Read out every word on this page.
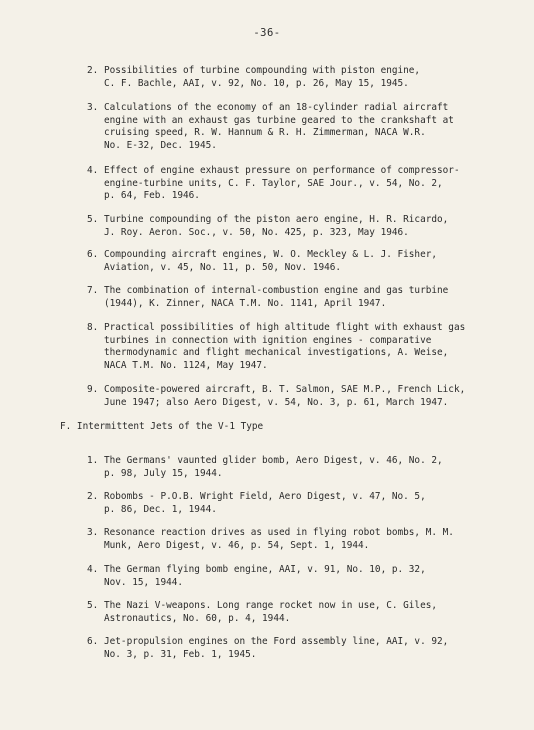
-36-
2. Possibilities of turbine compounding with piston engine,
C. F. Bachle, AAI, v. 92, No. 10, p. 26, May 15, 1945.
3. Calculations of the economy of an 18-cylinder radial aircraft
engine with an exhaust gas turbine geared to the crankshaft at
cruising speed, R. W. Hannum & R. H. Zimmerman, NACA W.R.
No. E-32, Dec. 1945.
4. Effect of engine exhaust pressure on performance of compressor-
engine-turbine units, C. F. Taylor, SAE Jour., v. 54, No. 2,
p. 64, Feb. 1946.
5. Turbine compounding of the piston aero engine, H. R. Ricardo,
J. Roy. Aeron. Soc., v. 50, No. 425, p. 323, May 1946.
6. Compounding aircraft engines, W. O. Meckley & L. J. Fisher,
Aviation, v. 45, No. 11, p. 50, Nov. 1946.
7. The combination of internal-combustion engine and gas turbine
(1944), K. Zinner, NACA T.M. No. 1141, April 1947.
8. Practical possibilities of high altitude flight with exhaust gas
turbines in connection with ignition engines - comparative
thermodynamic and flight mechanical investigations, A. Weise,
NACA T.M. No. 1124, May 1947.
9. Composite-powered aircraft, B. T. Salmon, SAE M.P., French Lick,
June 1947; also Aero Digest, v. 54, No. 3, p. 61, March 1947.
F. Intermittent Jets of the V-1 Type
1. The Germans' vaunted glider bomb, Aero Digest, v. 46, No. 2,
p. 98, July 15, 1944.
2. Robombs - P.O.B. Wright Field, Aero Digest, v. 47, No. 5,
p. 86, Dec. 1, 1944.
3. Resonance reaction drives as used in flying robot bombs, M. M.
Munk, Aero Digest, v. 46, p. 54, Sept. 1, 1944.
4. The German flying bomb engine, AAI, v. 91, No. 10, p. 32,
Nov. 15, 1944.
5. The Nazi V-weapons. Long range rocket now in use, C. Giles,
Astronautics, No. 60, p. 4, 1944.
6. Jet-propulsion engines on the Ford assembly line, AAI, v. 92,
No. 3, p. 31, Feb. 1, 1945.
